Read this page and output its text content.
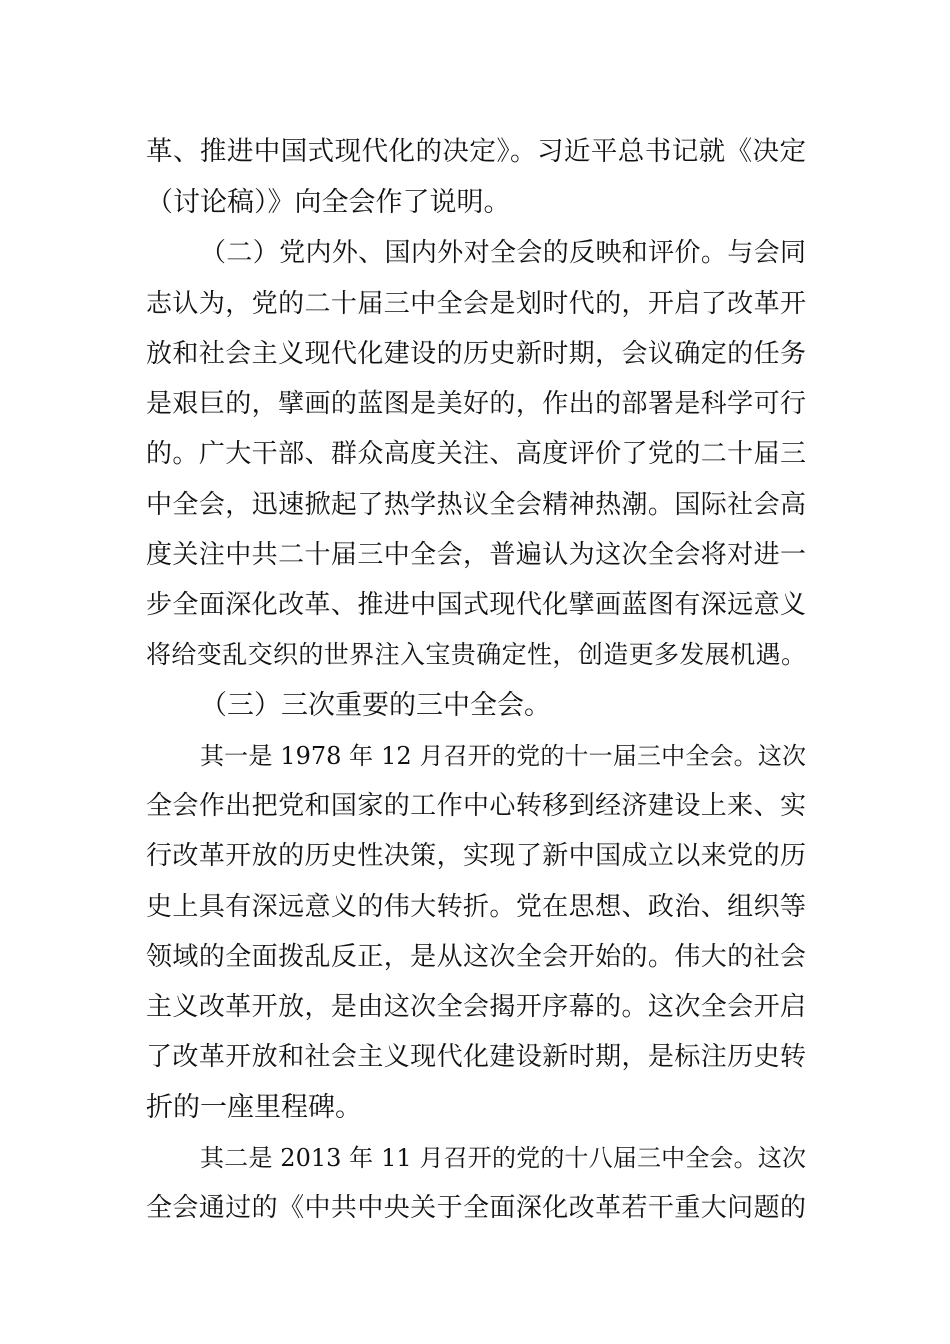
革、推进中国式现代化的决定》。习近平总书记就《决定
（讨论稿）》向全会作了说明。
（二）党内外、国内外对全会的反映和评价。与会同
志认为，党的二十届三中全会是划时代的，开启了改革开
放和社会主义现代化建设的历史新时期，会议确定的任务
是艰巨的，擘画的蓝图是美好的，作出的部署是科学可行
的。广大干部、群众高度关注、高度评价了党的二十届三
中全会，迅速掀起了热学热议全会精神热潮。国际社会高
度关注中共二十届三中全会，普遍认为这次全会将对进一
步全面深化改革、推进中国式现代化擘画蓝图有深远意义
将给变乱交织的世界注入宝贵确定性，创造更多发展机遇。
（三）三次重要的三中全会。
其一是 1978 年 12 月召开的党的十一届三中全会。这次
全会作出把党和国家的工作中心转移到经济建设上来、实
行改革开放的历史性决策，实现了新中国成立以来党的历
史上具有深远意义的伟大转折。党在思想、政治、组织等
领域的全面拨乱反正，是从这次全会开始的。伟大的社会
主义改革开放，是由这次全会揭开序幕的。这次全会开启
了改革开放和社会主义现代化建设新时期，是标注历史转
折的一座里程碑。
其二是 2013 年 11 月召开的党的十八届三中全会。这次
全会通过的《中共中央关于全面深化改革若干重大问题的
